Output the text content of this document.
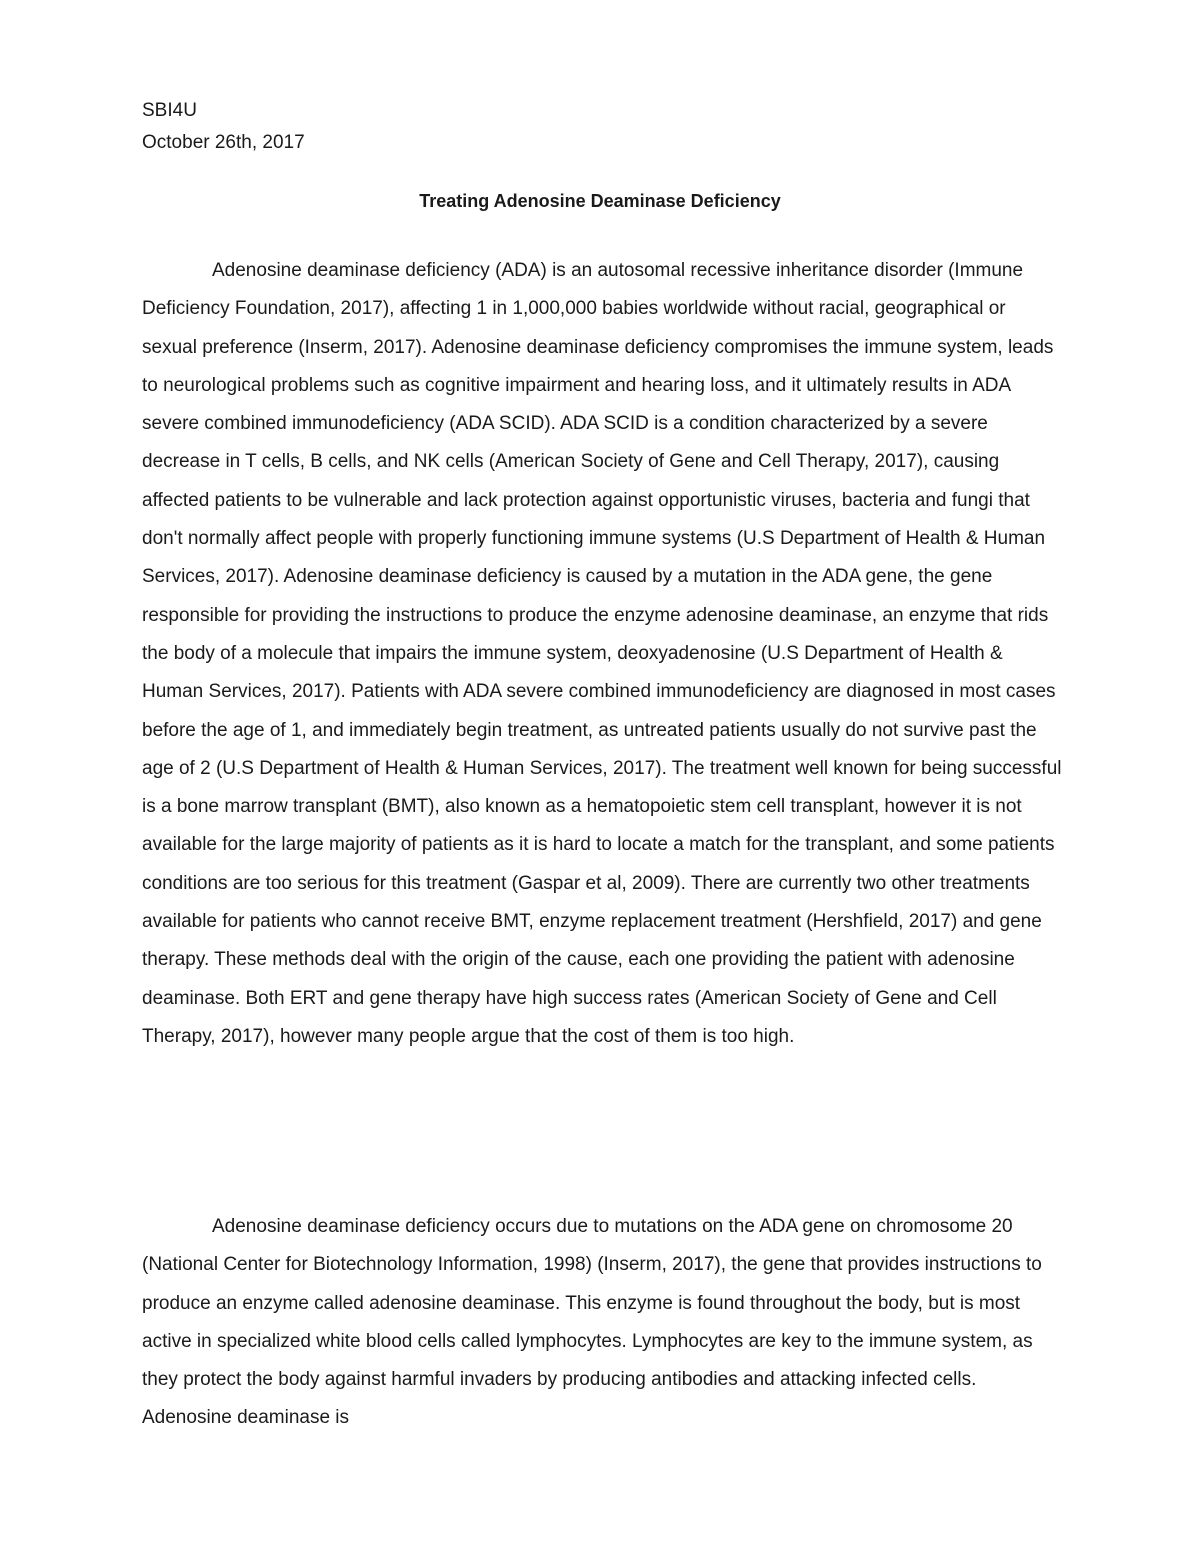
SBI4U

October 26th, 2017

Treating Adenosine Deaminase Deficiency

Adenosine deaminase deficiency (ADA) is an autosomal recessive inheritance disorder (Immune Deficiency Foundation, 2017), affecting 1 in 1,000,000 babies worldwide without racial, geographical or sexual preference (Inserm, 2017). Adenosine deaminase deficiency compromises the immune system, leads to neurological problems such as cognitive impairment and hearing loss, and it ultimately results in ADA severe combined immunodeficiency (ADA SCID). ADA SCID is a condition characterized by a severe decrease in T cells, B cells, and NK cells (American Society of Gene and Cell Therapy, 2017), causing affected patients to be vulnerable and lack protection against opportunistic viruses, bacteria and fungi that don't normally affect people with properly functioning immune systems (U.S Department of Health & Human Services, 2017). Adenosine deaminase deficiency is caused by a mutation in the ADA gene, the gene responsible for providing the instructions to produce the enzyme adenosine deaminase, an enzyme that rids the body of a molecule that impairs the immune system, deoxyadenosine (U.S Department of Health & Human Services, 2017). Patients with ADA severe combined immunodeficiency are diagnosed in most cases before the age of 1, and immediately begin treatment, as untreated patients usually do not survive past the age of 2 (U.S Department of Health & Human Services, 2017). The treatment well known for being successful is a bone marrow transplant (BMT), also known as a hematopoietic stem cell transplant, however it is not available for the large majority of patients as it is hard to locate a match for the transplant, and some patients conditions are too serious for this treatment (Gaspar et al, 2009). There are currently two other treatments available for patients who cannot receive BMT, enzyme replacement treatment (Hershfield, 2017) and gene therapy. These methods deal with the origin of the cause, each one providing the patient with adenosine deaminase. Both ERT and gene therapy have high success rates (American Society of Gene and Cell Therapy, 2017), however many people argue that the cost of them is too high.

Adenosine deaminase deficiency occurs due to mutations on the ADA gene on chromosome 20 (National Center for Biotechnology Information, 1998) (Inserm, 2017), the gene that provides instructions to produce an enzyme called adenosine deaminase. This enzyme is found throughout the body, but is most active in specialized white blood cells called lymphocytes. Lymphocytes are key to the immune system, as they protect the body against harmful invaders by producing antibodies and attacking infected cells. Adenosine deaminase is
